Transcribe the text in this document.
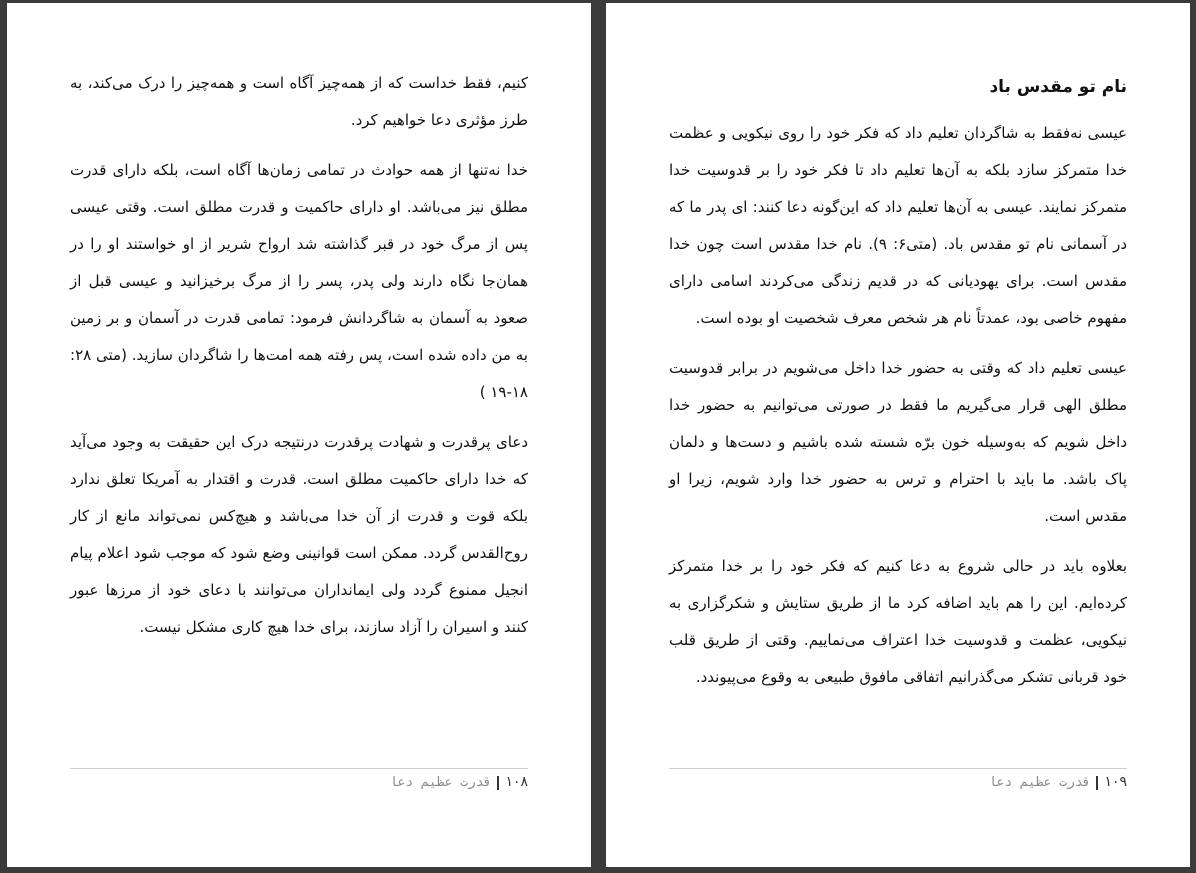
کنیم، فقط خداست که از همه‌چیز آگاه است و همه‌چیز را درک می‌کند، به طرز مؤثری دعا خواهیم کرد.

خدا نه‌تنها از همه حوادث در تمامی زمان‌ها آگاه است، بلکه دارای قدرت مطلق نیز می‌باشد. او دارای حاکمیت و قدرت مطلق است. وقتی عیسی پس از مرگ خود در قبر گذاشته شد ارواح شریر از او خواستند او را در همان‌جا نگاه دارند ولی پدر، پسر را از مرگ برخیزانید و عیسی قبل از صعود به آسمان به شاگردانش فرمود: تمامی قدرت در آسمان و بر زمین به من داده شده است، پس رفته همه امت‌ها را شاگردان سازید. (متی ۲۸: ۱۸-۱۹ )

دعای پرقدرت و شهادت پرقدرت درنتیجه درک این حقیقت به وجود می‌آید که خدا دارای حاکمیت مطلق است. قدرت و اقتدار به آمریکا تعلق ندارد بلکه قوت و قدرت از آن خدا می‌باشد و هیچ‌کس نمی‌تواند مانع از کار روح‌القدس گردد. ممکن است قوانینی وضع شود که موجب شود اعلام پیام انجیل ممنوع گردد ولی ایمانداران می‌توانند با دعای خود از مرزها عبور کنند و اسیران را آزاد سازند، برای خدا هیچ کاری مشکل نیست.

۱۰۸قدرت عظیم دعا
نام تو مقدس باد

عیسی نه‌فقط به شاگردان تعلیم داد که فکر خود را روی نیکویی و عظمت خدا متمرکز سازد بلکه به آن‌ها تعلیم داد تا فکر خود را بر قدوسیت خدا متمرکز نمایند. عیسی به آن‌ها تعلیم داد که این‌گونه دعا کنند: ای پدر ما که در آسمانی نام تو مقدس باد. (متی۶: ۹). نام خدا مقدس است چون خدا مقدس است. برای یهودیانی که در قدیم زندگی می‌کردند اسامی دارای مفهوم خاصی بود، عمدتاً نام هر شخص معرف شخصیت او بوده است.

عیسی تعلیم داد که وقتی به حضور خدا داخل می‌شویم در برابر قدوسیت مطلق الهی قرار می‌گیریم ما فقط در صورتی می‌توانیم به حضور خدا داخل شویم که به‌وسیله خون برّه شسته شده باشیم و دست‌ها و دلمان پاک باشد. ما باید با احترام و ترس به حضور خدا وارد شویم، زیرا او مقدس است.

بعلاوه باید در حالی شروع به دعا کنیم که فکر خود را بر خدا متمرکز کرده‌ایم. این را هم باید اضافه کرد ما از طریق ستایش و شکرگزاری به نیکویی، عظمت و قدوسیت خدا اعتراف می‌نماییم. وقتی از طریق قلب خود قربانی تشکر می‌گذرانیم اتفاقی مافوق طبیعی به وقوع می‌پیوندد.

۱۰۹قدرت عظیم دعا
